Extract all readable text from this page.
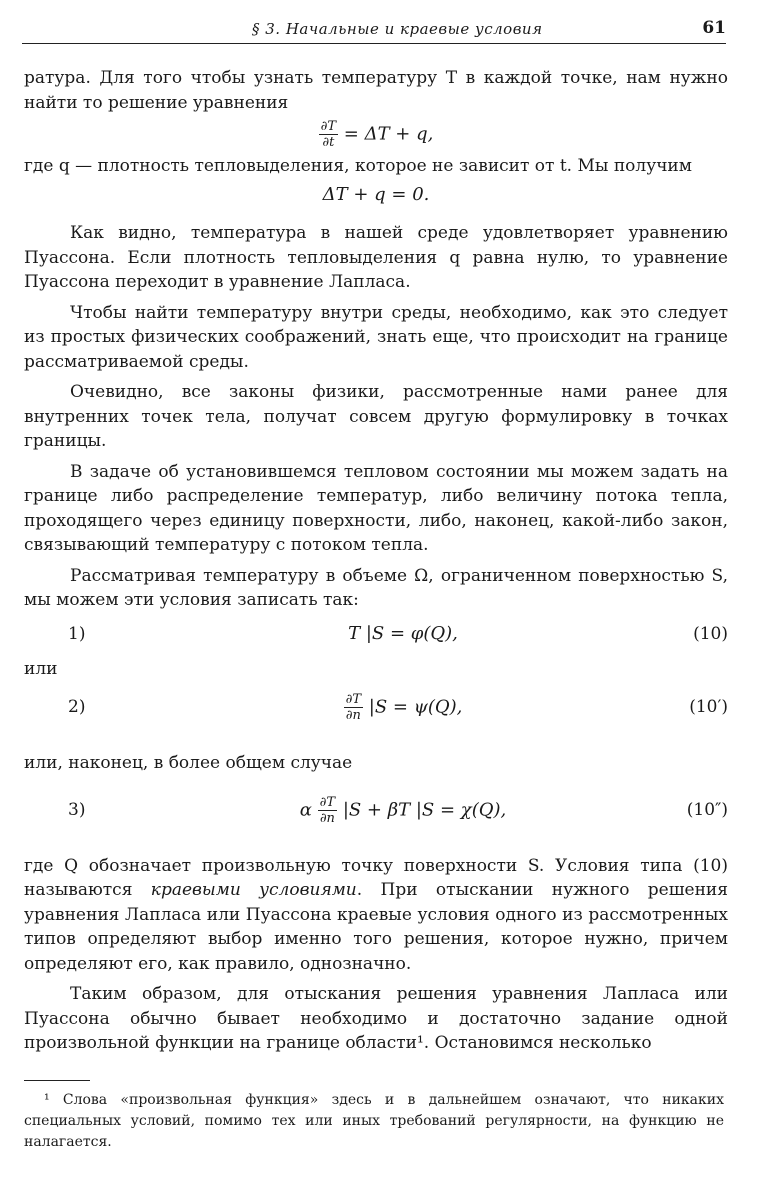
§ 3. Начальные и краевые условия	61

ратура. Для того чтобы узнать температуру T в каждой точке, нам нужно найти то решение уравнения

$\frac{\partial T}{\partial t} = \Delta T + q$,

где q — плотность тепловыделения, которое не зависит от t. Мы получим

ΔT + q = 0.

Как видно, температура в нашей среде удовлетворяет уравнению Пуассона. Если плотность тепловыделения q равна нулю, то уравнение Пуассона переходит в уравнение Лапласа.

Чтобы найти температуру внутри среды, необходимо, как это следует из простых физических соображений, знать еще, что происходит на границе рассматриваемой среды.

Очевидно, все законы физики, рассмотренные нами ранее для внутренних точек тела, получат совсем другую формулировку в точках границы.

В задаче об установившемся тепловом состоянии мы можем задать на границе либо распределение температур, либо величину потока тепла, проходящего через единицу поверхности, либо, наконец, какой-либо закон, связывающий температуру с потоком тепла.

Рассматривая температуру в объеме Ω, ограниченном поверхностью S, мы можем эти условия записать так:

1)	T |S = φ(Q),	(10)

или

2)	$\frac{\partial T}{\partial n} |S = \psi(Q)$,	(10′)

или, наконец, в более общем случае

3)	α $\frac{\partial T}{\partial n} |S + \beta T$ |S = χ(Q),	(10″)

где Q обозначает произвольную точку поверхности S. Условия типа (10) называются краевыми условиями. При отыскании нужного решения уравнения Лапласа или Пуассона краевые условия одного из рассмотренных типов определяют выбор именно того решения, которое нужно, причем определяют его, как правило, однозначно.

Таким образом, для отыскания решения уравнения Лапласа или Пуассона обычно бывает необходимо и достаточно задание одной произвольной функции на границе области¹. Остановимся несколько

¹ Слова «произвольная функция» здесь и в дальнейшем означают, что никаких специальных условий, помимо тех или иных требований регулярности, на функцию не налагается.
